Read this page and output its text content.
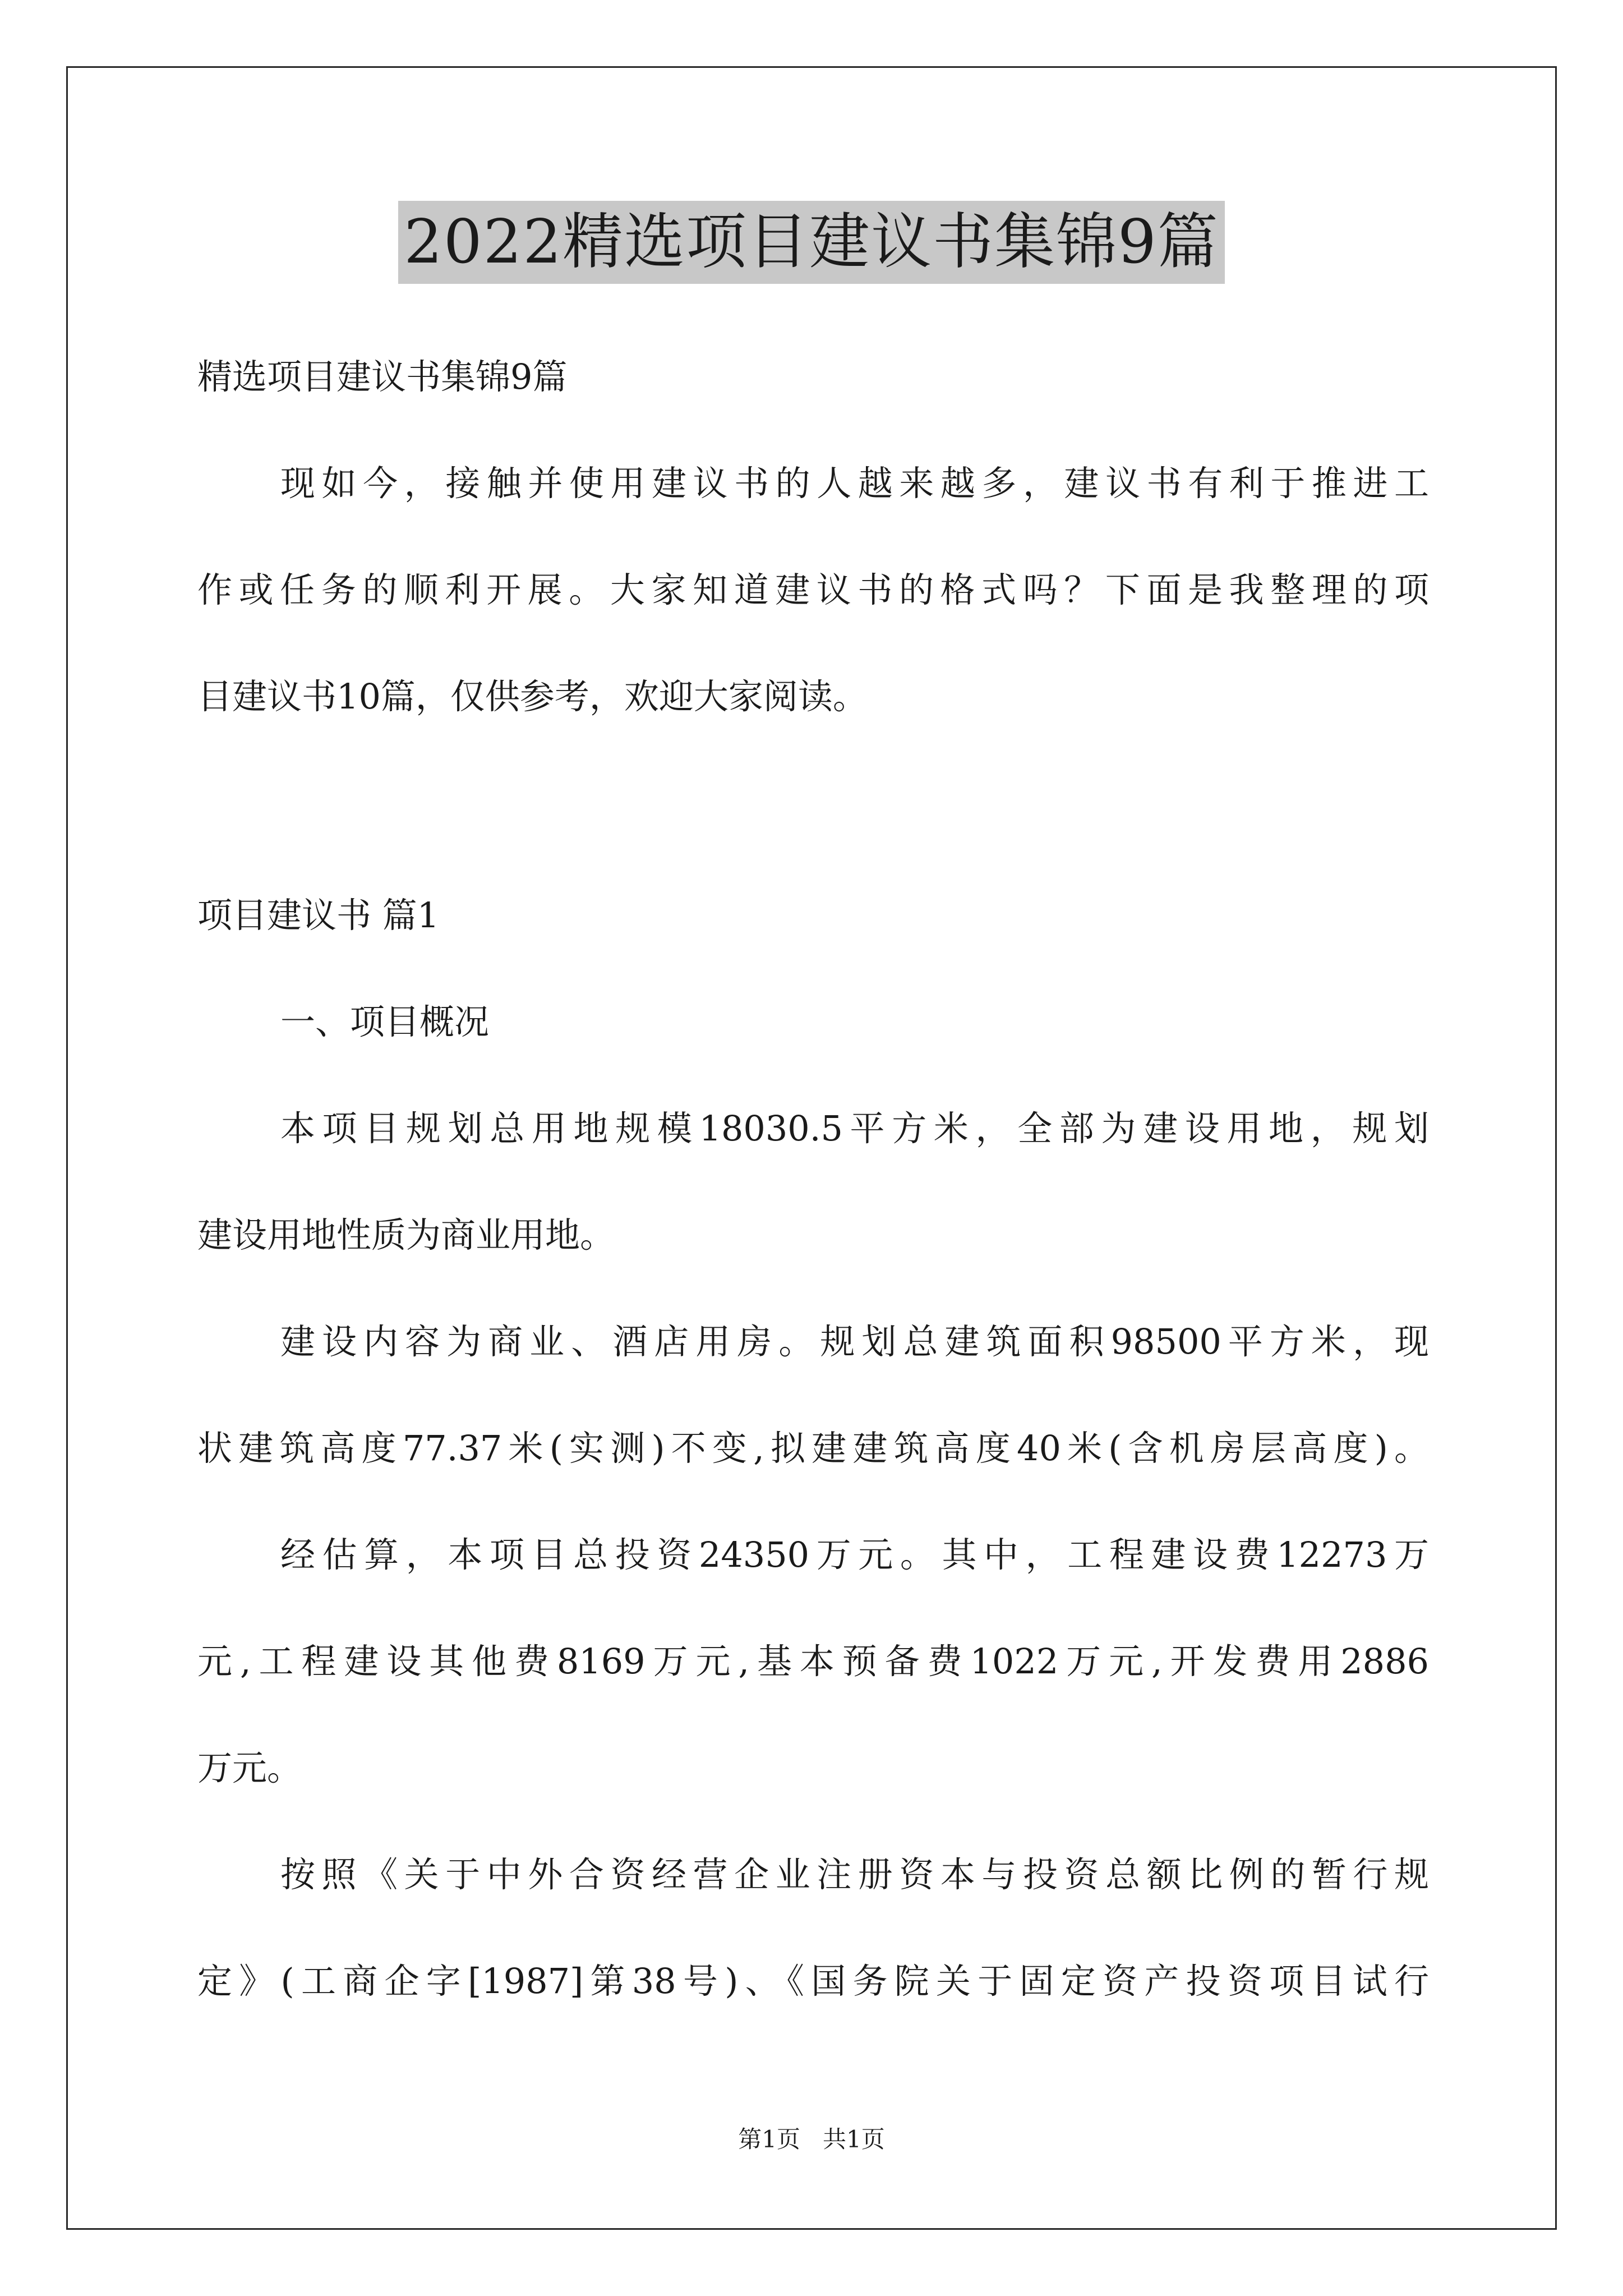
2022精选项目建议书集锦9篇
精选项目建议书集锦9篇
现如今，接触并使用建议书的人越来越多，建议书有利于推进工
作或任务的顺利开展。大家知道建议书的格式吗？下面是我整理的项
目建议书10篇，仅供参考，欢迎大家阅读。
项目建议书 篇1
一、项目概况
本项目规划总用地规模18030.5平方米，全部为建设用地，规划
建设用地性质为商业用地。
建设内容为商业、酒店用房。规划总建筑面积98500平方米，现
状建筑高度77.37米(实测)不变,拟建建筑高度40米(含机房层高度)。
经估算，本项目总投资24350万元。其中，工程建设费12273万
元,工程建设其他费8169万元,基本预备费1022万元,开发费用2886
万元。
按照《关于中外合资经营企业注册资本与投资总额比例的暂行规
定》(工商企字[1987]第38号)、《国务院关于固定资产投资项目试行
第1页 共1页
